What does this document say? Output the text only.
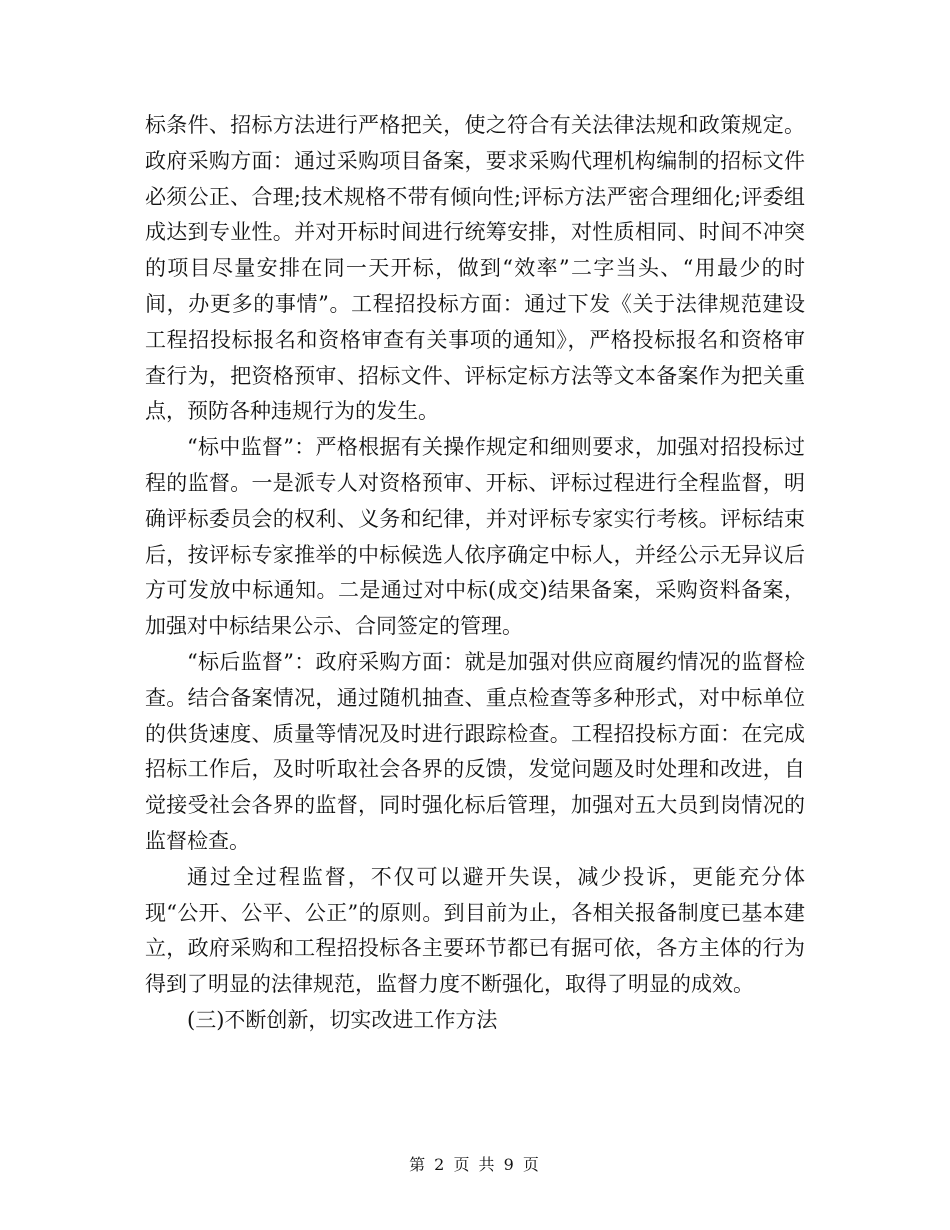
标条件、招标方法进行严格把关，使之符合有关法律法规和政策规定。政府采购方面：通过采购项目备案，要求采购代理机构编制的招标文件必须公正、合理;技术规格不带有倾向性;评标方法严密合理细化;评委组成达到专业性。并对开标时间进行统筹安排，对性质相同、时间不冲突的项目尽量安排在同一天开标，做到“效率”二字当头、“用最少的时间，办更多的事情”。工程招投标方面：通过下发《关于法律规范建设工程招投标报名和资格审查有关事项的通知》，严格投标报名和资格审查行为，把资格预审、招标文件、评标定标方法等文本备案作为把关重点，预防各种违规行为的发生。

“标中监督”：严格根据有关操作规定和细则要求，加强对招投标过程的监督。一是派专人对资格预审、开标、评标过程进行全程监督，明确评标委员会的权利、义务和纪律，并对评标专家实行考核。评标结束后，按评标专家推举的中标候选人依序确定中标人，并经公示无异议后方可发放中标通知。二是通过对中标(成交)结果备案，采购资料备案，加强对中标结果公示、合同签定的管理。

“标后监督”：政府采购方面：就是加强对供应商履约情况的监督检查。结合备案情况，通过随机抽查、重点检查等多种形式，对中标单位的供货速度、质量等情况及时进行跟踪检查。工程招投标方面：在完成招标工作后，及时听取社会各界的反馈，发觉问题及时处理和改进，自觉接受社会各界的监督，同时强化标后管理，加强对五大员到岗情况的监督检查。

通过全过程监督，不仅可以避开失误，减少投诉，更能充分体现“公开、公平、公正”的原则。到目前为止，各相关报备制度已基本建立，政府采购和工程招投标各主要环节都已有据可依，各方主体的行为得到了明显的法律规范，监督力度不断强化，取得了明显的成效。

(三)不断创新，切实改进工作方法

第 2 页 共 9 页
